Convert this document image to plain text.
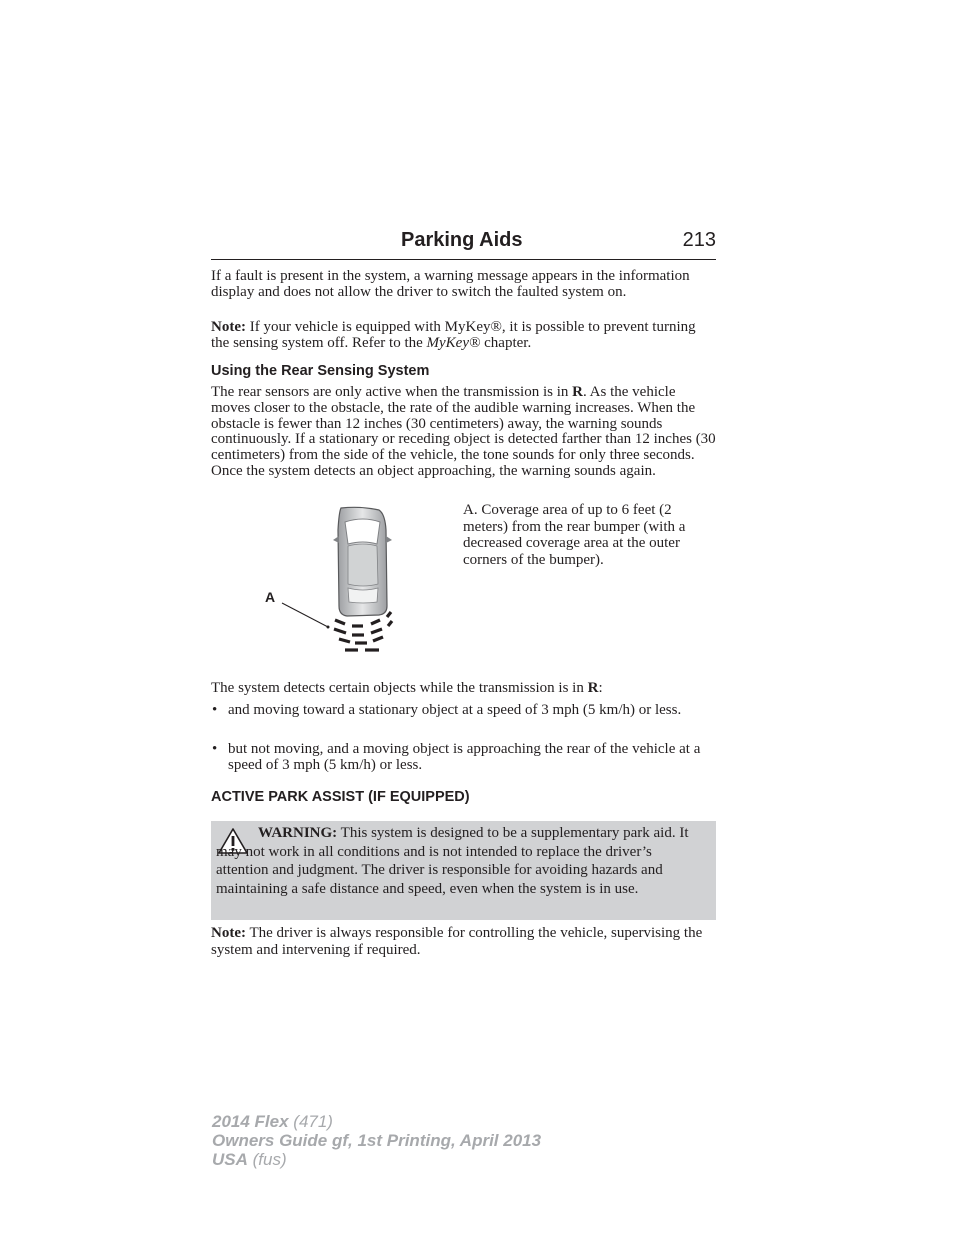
Parking Aids	213

If a fault is present in the system, a warning message appears in the information display and does not allow the driver to switch the faulted system on.

Note: If your vehicle is equipped with MyKey®, it is possible to prevent turning the sensing system off. Refer to the MyKey® chapter.

Using the Rear Sensing System

The rear sensors are only active when the transmission is in R. As the vehicle moves closer to the obstacle, the rate of the audible warning increases. When the obstacle is fewer than 12 inches (30 centimeters) away, the warning sounds continuously. If a stationary or receding object is detected farther than 12 inches (30 centimeters) from the side of the vehicle, the tone sounds for only three seconds. Once the system detects an object approaching, the warning sounds again.

A

A. Coverage area of up to 6 feet (2 meters) from the rear bumper (with a decreased coverage area at the outer corners of the bumper).

The system detects certain objects while the transmission is in R:

• and moving toward a stationary object at a speed of 3 mph (5 km/h) or less.
• but not moving, and a moving object is approaching the rear of the vehicle at a speed of 3 mph (5 km/h) or less.
ACTIVE PARK ASSIST (IF EQUIPPED)
WARNING: This system is designed to be a supplementary park aid. It may not work in all conditions and is not intended to replace the driver’s attention and judgment. The driver is responsible for avoiding hazards and maintaining a safe distance and speed, even when the system is in use.

Note: The driver is always responsible for controlling the vehicle, supervising the system and intervening if required.

2014 Flex (471)
Owners Guide gf, 1st Printing, April 2013
USA (fus)
